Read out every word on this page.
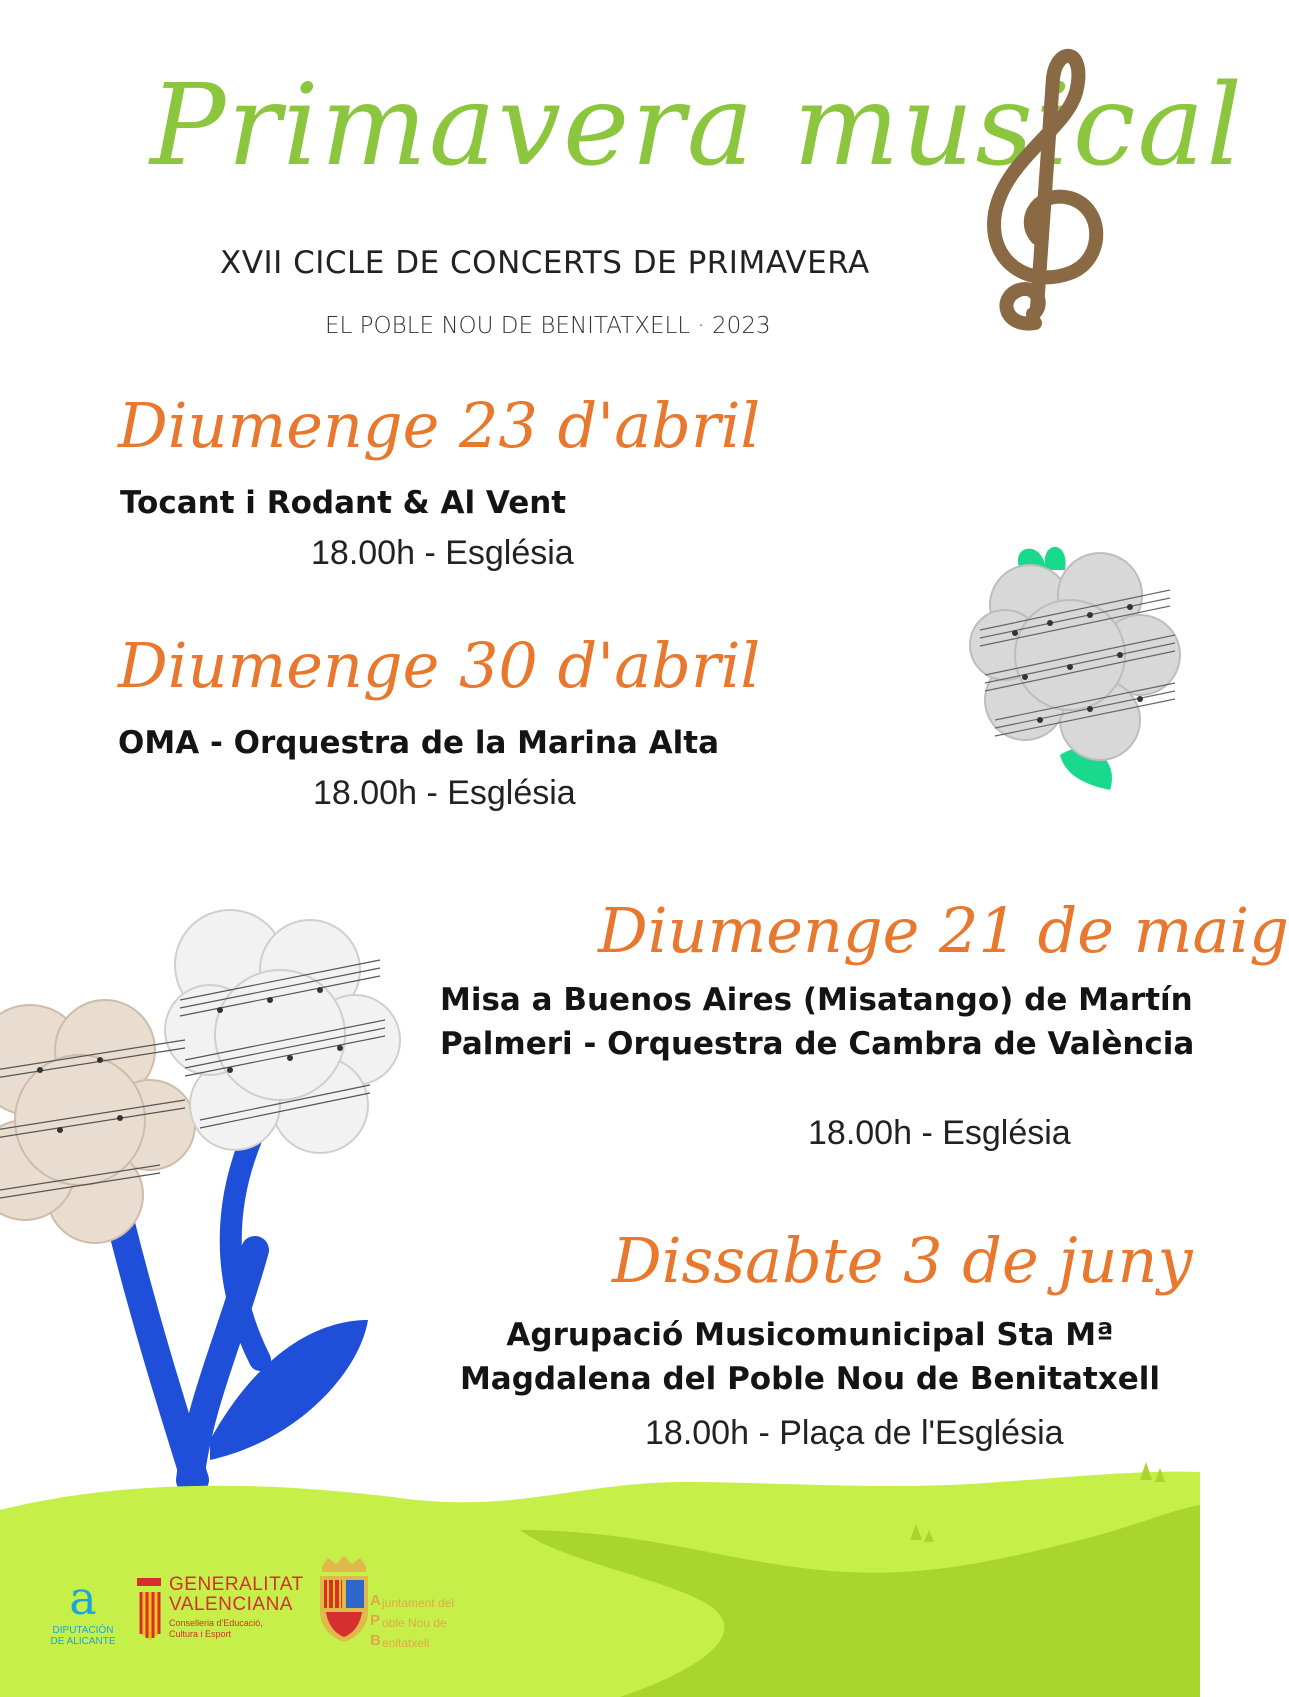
Primavera musical
XVII CICLE DE CONCERTS DE PRIMAVERA
EL POBLE NOU DE BENITATXELL · 2023
Diumenge 23 d'abril
Tocant i Rodant & Al Vent
18.00h - Església
Diumenge 30 d'abril
OMA - Orquestra de la Marina Alta
18.00h - Església
Diumenge 21 de maig
Misa a Buenos Aires (Misatango) de Martín
Palmeri - Orquestra de Cambra de València
18.00h - Església
Dissabte 3 de juny
Agrupació Musicomunicipal Sta Mª
Magdalena del Poble Nou de Benitatxell
18.00h - Plaça de l'Església
a
DIPUTACIÓN
DE ALICANTE
GENERALITAT
VALENCIANA
Conselleria d'Educació,
Cultura i Esport
A
P
B
juntament del
oble Nou de
enitatxell
